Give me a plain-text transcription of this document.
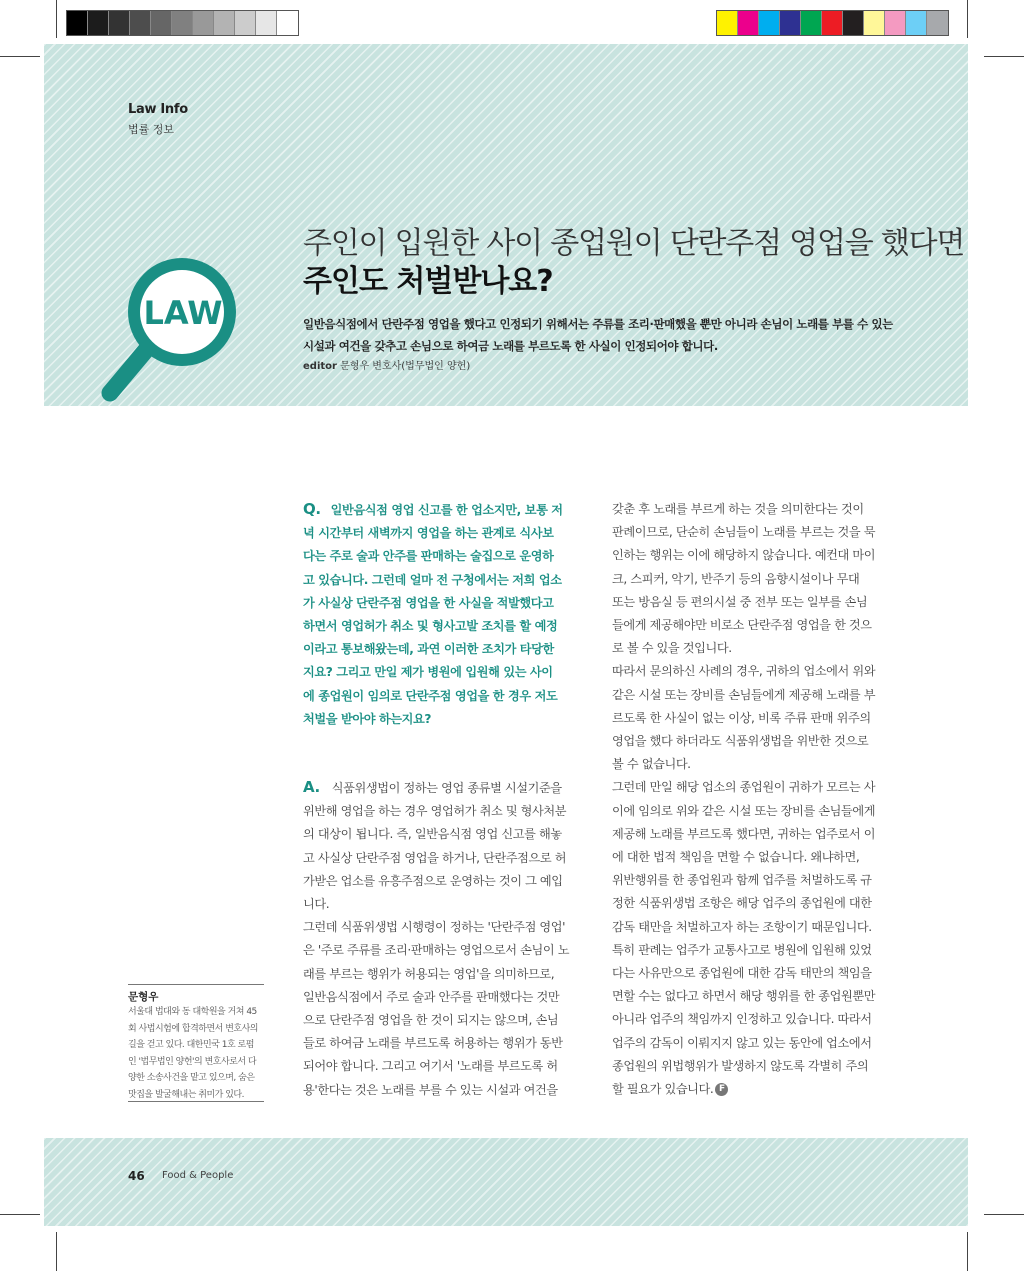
Law Info
법률 정보
LAW
주인이 입원한 사이 종업원이 단란주점 영업을 했다면
주인도 처벌받나요?

일반음식점에서 단란주점 영업을 했다고 인정되기 위해서는 주류를 조리·판매했을 뿐만 아니라 손님이 노래를 부를 수 있는

시설과 여건을 갖추고 손님으로 하여금 노래를 부르도록 한 사실이 인정되어야 합니다.

editor 문형우 변호사(법무법인 양헌)

Q. 일반음식점 영업 신고를 한 업소지만, 보통 저

녁 시간부터 새벽까지 영업을 하는 관계로 식사보

다는 주로 술과 안주를 판매하는 술집으로 운영하

고 있습니다. 그런데 얼마 전 구청에서는 저희 업소

가 사실상 단란주점 영업을 한 사실을 적발했다고

하면서 영업허가 취소 및 형사고발 조치를 할 예정

이라고 통보해왔는데, 과연 이러한 조치가 타당한

지요? 그리고 만일 제가 병원에 입원해 있는 사이

에 종업원이 임의로 단란주점 영업을 한 경우 저도

처벌을 받아야 하는지요?

A. 식품위생법이 정하는 영업 종류별 시설기준을

위반해 영업을 하는 경우 영업허가 취소 및 형사처분

의 대상이 됩니다. 즉, 일반음식점 영업 신고를 해놓

고 사실상 단란주점 영업을 하거나, 단란주점으로 허

가받은 업소를 유흥주점으로 운영하는 것이 그 예입

니다.

그런데 식품위생법 시행령이 정하는 '단란주점 영업'

은 '주로 주류를 조리·판매하는 영업으로서 손님이 노

래를 부르는 행위가 허용되는 영업'을 의미하므로,

일반음식점에서 주로 술과 안주를 판매했다는 것만

으로 단란주점 영업을 한 것이 되지는 않으며, 손님

들로 하여금 노래를 부르도록 허용하는 행위가 동반

되어야 합니다. 그리고 여기서 '노래를 부르도록 허

용'한다는 것은 노래를 부를 수 있는 시설과 여건을

갖춘 후 노래를 부르게 하는 것을 의미한다는 것이

판례이므로, 단순히 손님들이 노래를 부르는 것을 묵

인하는 행위는 이에 해당하지 않습니다. 예컨대 마이

크, 스피커, 악기, 반주기 등의 음향시설이나 무대

또는 방음실 등 편의시설 중 전부 또는 일부를 손님

들에게 제공해야만 비로소 단란주점 영업을 한 것으

로 볼 수 있을 것입니다.

따라서 문의하신 사례의 경우, 귀하의 업소에서 위와

같은 시설 또는 장비를 손님들에게 제공해 노래를 부

르도록 한 사실이 없는 이상, 비록 주류 판매 위주의

영업을 했다 하더라도 식품위생법을 위반한 것으로

볼 수 없습니다.

그런데 만일 해당 업소의 종업원이 귀하가 모르는 사

이에 임의로 위와 같은 시설 또는 장비를 손님들에게

제공해 노래를 부르도록 했다면, 귀하는 업주로서 이

에 대한 법적 책임을 면할 수 없습니다. 왜냐하면,

위반행위를 한 종업원과 함께 업주를 처벌하도록 규

정한 식품위생법 조항은 해당 업주의 종업원에 대한

감독 태만을 처벌하고자 하는 조항이기 때문입니다.

특히 판례는 업주가 교통사고로 병원에 입원해 있었

다는 사유만으로 종업원에 대한 감독 태만의 책임을

면할 수는 없다고 하면서 해당 행위를 한 종업원뿐만

아니라 업주의 책임까지 인정하고 있습니다. 따라서

업주의 감독이 이뤄지지 않고 있는 동안에 업소에서

종업원의 위법행위가 발생하지 않도록 각별히 주의

할 필요가 있습니다. F

문형우

서울대 법대와 동 대학원을 거쳐 45

회 사법시험에 합격하면서 변호사의

길을 걷고 있다. 대한민국 1호 로펌

인 '법무법인 양헌'의 변호사로서 다

양한 소송사건을 맡고 있으며, 숨은

맛집을 발굴해내는 취미가 있다.

46 Food & People
